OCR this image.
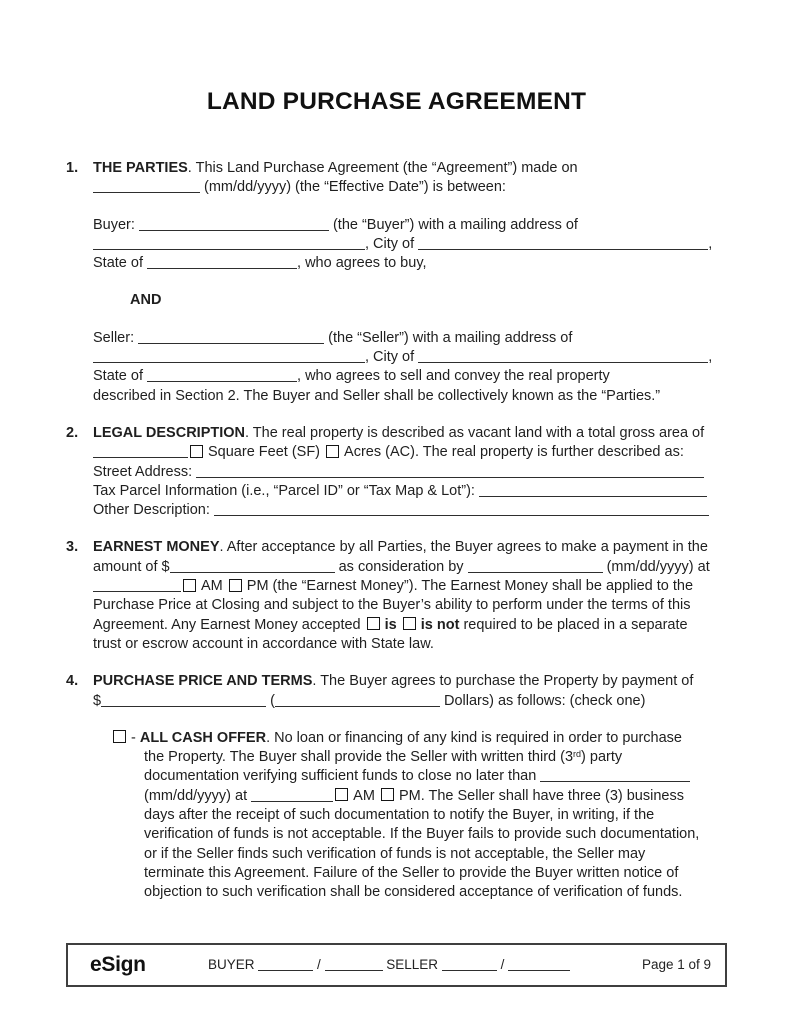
LAND PURCHASE AGREEMENT
1.	THE PARTIES. This Land Purchase Agreement (the “Agreement”) made on
(mm/dd/yyyy) (the “Effective Date”) is between:
Buyer:	(the “Buyer”) with a mailing address of
, City of	,
State of	, who agrees to buy,
AND
Seller:	(the “Seller”) with a mailing address of
, City of	,
State of	, who agrees to sell and convey the real property
described in Section 2. The Buyer and Seller shall be collectively known as the “Parties.”
2.	LEGAL DESCRIPTION. The real property is described as vacant land with a total gross area of
Square Feet (SF) Acres (AC). The real property is further described as:
Street Address:
Tax Parcel Information (i.e., “Parcel ID” or “Tax Map & Lot”):
Other Description:
3.	EARNEST MONEY. After acceptance by all Parties, the Buyer agrees to make a payment in the
amount of $	as consideration by	(mm/dd/yyyy) at
AM PM (the “Earnest Money”). The Earnest Money shall be applied to the
Purchase Price at Closing and subject to the Buyer’s ability to perform under the terms of this
Agreement. Any Earnest Money accepted is is not required to be placed in a separate
trust or escrow account in accordance with State law.
4.	PURCHASE PRICE AND TERMS. The Buyer agrees to purchase the Property by payment of
$	(	Dollars) as follows: (check one)
- ALL CASH OFFER. No loan or financing of any kind is required in order to purchase
the Property. The Buyer shall provide the Seller with written third (3rd) party
documentation verifying sufficient funds to close no later than
(mm/dd/yyyy) at	AM PM. The Seller shall have three (3) business
days after the receipt of such documentation to notify the Buyer, in writing, if the
verification of funds is not acceptable. If the Buyer fails to provide such documentation,
or if the Seller finds such verification of funds is not acceptable, the Seller may
terminate this Agreement. Failure of the Seller to provide the Buyer written notice of
objection to such verification shall be considered acceptance of verification of funds.
eSign	BUYER	/	SELLER	/	Page 1 of 9
